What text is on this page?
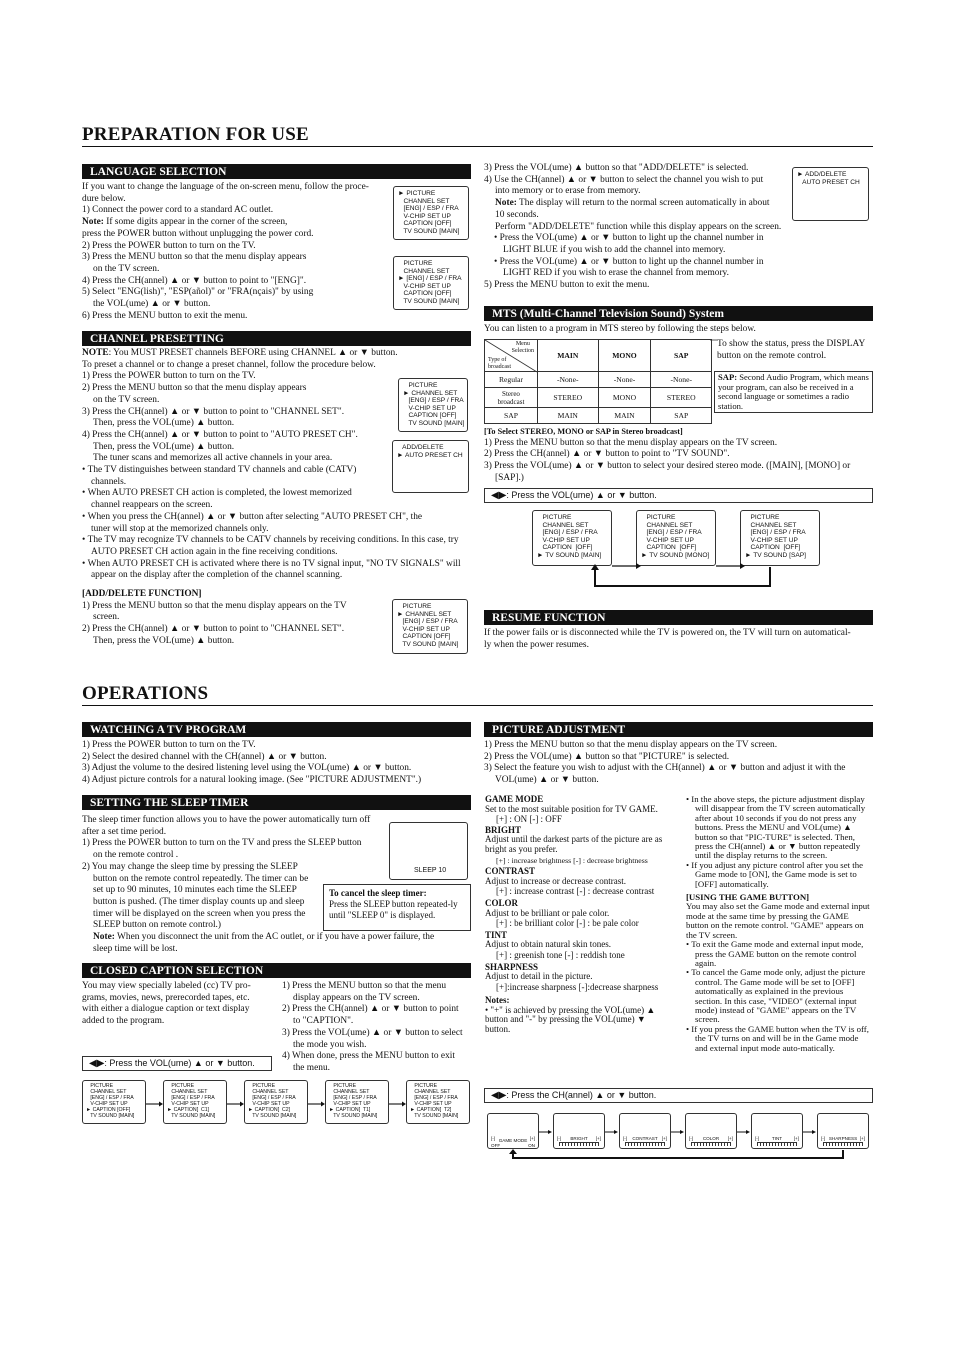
PREPARATION FOR USE
LANGUAGE SELECTION

If you want to change the language of the on-screen menu, follow the proce-

dure below.

1) Connect the power cord to a standard AC outlet.

Note: If some digits appear in the corner of the screen,

press the POWER button without unplugging the power cord.

2) Press the POWER button to turn on the TV.

3) Press the MENU button so that the menu display appears

on the TV screen.

4) Press the CH(annel) ▲ or ▼ button to point to "[ENG]".

5) Select "ENG(lish)", "ESP(añol)" or "FRA(nçais)" by using

the VOL(ume) ▲ or ▼ button.

6) Press the MENU button to exit the menu.

► PICTURE
CHANNEL SET
[ENG] / ESP / FRA
V-CHIP SET UP
CAPTION [OFF]
TV SOUND [MAIN]
PICTURE
CHANNEL SET
► [ENG] / ESP / FRA
V-CHIP SET UP
CAPTION [OFF]
TV SOUND [MAIN]
CHANNEL PRESETTING

NOTE: You MUST PRESET channels BEFORE using CHANNEL ▲ or ▼ button.

To preset a channel or to change a preset channel, follow the procedure below.

1) Press the POWER button to turn on the TV.

2) Press the MENU button so that the menu display appears

on the TV screen.

3) Press the CH(annel) ▲ or ▼ button to point to "CHANNEL SET".

Then, press the VOL(ume) ▲ button.

4) Press the CH(annel) ▲ or ▼ button to point to "AUTO PRESET CH".

Then, press the VOL(ume) ▲ button.

The tuner scans and memorizes all active channels in your area.

• The TV distinguishes between standard TV channels and cable (CATV) channels.

• When AUTO PRESET CH action is completed, the lowest memorized channel reappears on the screen.

• When you press the CH(annel) ▲ or ▼ button after selecting "AUTO PRESET CH", the tuner will stop at the memorized channels only.

• The TV may recognize TV channels to be CATV channels by receiving conditions. In this case, try AUTO PRESET CH action again in the fine receiving conditions.

• When AUTO PRESET CH is activated where there is no TV signal input, "NO TV SIGNALS" will appear on the display after the completion of the channel scanning.

PICTURE
► CHANNEL SET
[ENG] / ESP / FRA
V-CHIP SET UP
CAPTION [OFF]
TV SOUND [MAIN]
ADD/DELETE
► AUTO PRESET CH

[ADD/DELETE FUNCTION]

1) Press the MENU button so that the menu display appears on the TV

screen.

2) Press the CH(annel) ▲ or ▼ button to point to "CHANNEL SET".

Then, press the VOL(ume) ▲ button.

PICTURE
► CHANNEL SET
[ENG] / ESP / FRA
V-CHIP SET UP
CAPTION [OFF]
TV SOUND [MAIN]

3) Press the VOL(ume) ▲ button so that "ADD/DELETE" is selected.

4) Use the CH(annel) ▲ or ▼ button to select the channel you wish to put

into memory or to erase from memory.

Note: The display will return to the normal screen automatically in about

10 seconds.

Perform "ADD/DELETE" function while this display appears on the screen.

• Press the VOL(ume) ▲ or ▼ button to light up the channel number in LIGHT BLUE if you wish to add the channel into memory.

• Press the VOL(ume) ▲ or ▼ button to light up the channel number in LIGHT RED if you wish to erase the channel from memory.

5) Press the MENU button to exit the menu.

► ADD/DELETE
AUTO PRESET CH
MTS (Multi-Channel Television Sound) System
You can listen to a program in MTS stereo by following the steps below.
Menu
Selection
Type of
broadcast	MAIN	MONO	SAP
Regular	-None-	-None-	-None-
Stereo
broadcast	STEREO	MONO	STEREO
SAP	MAIN	MAIN	SAP
To show the status, press the DISPLAY button on the remote control.
SAP: Second Audio Program, which means your program, can also be received in a second language or sometimes a radio station.

[To Select STEREO, MONO or SAP in Stereo broadcast]

1) Press the MENU button so that the menu display appears on the TV screen.

2) Press the CH(annel) ▲ or ▼ button to point to "TV SOUND".

3) Press the VOL(ume) ▲ or ▼ button to select your desired stereo mode. ([MAIN], [MONO] or

[SAP].)

◀▶: Press the VOL(ume) ▲ or ▼ button.
PICTURE
CHANNEL SET
[ENG] / ESP / FRA
V-CHIP SET UP
CAPTION  [OFF]
► TV SOUND [MAIN]
PICTURE
CHANNEL SET
[ENG] / ESP / FRA
V-CHIP SET UP
CAPTION  [OFF]
► TV SOUND [MONO]
PICTURE
CHANNEL SET
[ENG] / ESP / FRA
V-CHIP SET UP
CAPTION  [OFF]
► TV SOUND [SAP]
RESUME FUNCTION

If the power fails or is disconnected while the TV is powered on, the TV will turn on automatical-

ly when the power resumes.

OPERATIONS
WATCHING A TV PROGRAM

1) Press the POWER button to turn on the TV.

2) Select the desired channel with the CH(annel) ▲ or ▼ button.

3) Adjust the volume to the desired listening level using the VOL(ume) ▲ or ▼ button.

4) Adjust picture controls for a natural looking image. (See "PICTURE ADJUSTMENT".)

SETTING THE SLEEP TIMER

The sleep timer function allows you to have the power automatically turn off

after a set time period.

1) Press the POWER button to turn on the TV and press the SLEEP button

on the remote control .

2) You may change the sleep time by pressing the SLEEP

button on the remote control repeatedly. The timer can be

set up to 90 minutes, 10 minutes each time the SLEEP

button is pushed. (The timer display counts up and sleep

timer will be displayed on the screen when you press the

SLEEP button on remote control.)

Note: When you disconnect the unit from the AC outlet, or if you have a power failure, the

sleep time will be lost.

SLEEP 10

To cancel the sleep timer:

Press the SLEEP button repeated-ly until "SLEEP 0" is displayed.

CLOSED CAPTION SELECTION

You may view specially labeled (cc) TV pro-

grams, movies, news, prerecorded tapes, etc.

with either a dialogue caption or text display

added to the program.

1) Press the MENU button so that the menu

display appears on the TV screen.

2) Press the CH(annel) ▲ or ▼ button to point

to "CAPTION".

3) Press the VOL(ume) ▲ or ▼ button to select

the mode you wish.

4) When done, press the MENU button to exit

the menu.

◀▶: Press the VOL(ume) ▲ or ▼ button.
PICTURE
CHANNEL SET
[ENG] / ESP / FRA
V-CHIP SET UP
► CAPTION [OFF]
TV SOUND [MAIN]
PICTURE
CHANNEL SET
[ENG] / ESP / FRA
V-CHIP SET UP
► CAPTION[  C1]
TV SOUND [MAIN]
PICTURE
CHANNEL SET
[ENG] / ESP / FRA
V-CHIP SET UP
► CAPTION[  C2]
TV SOUND [MAIN]
PICTURE
CHANNEL SET
[ENG] / ESP / FRA
V-CHIP SET UP
► CAPTION[  T1]
TV SOUND [MAIN]
PICTURE
CHANNEL SET
[ENG] / ESP / FRA
V-CHIP SET UP
► CAPTION[  T2]
TV SOUND [MAIN]
PICTURE ADJUSTMENT

1) Press the MENU button so that the menu display appears on the TV screen.

2) Press the VOL(ume) ▲ button so that "PICTURE" is selected.

3) Select the feature you wish to adjust with the CH(annel) ▲ or ▼ button and adjust it with the

VOL(ume) ▲ or ▼ button.

GAME MODE

Set to the most suitable position for TV GAME.

[+] : ON [-] : OFF

BRIGHT

Adjust until the darkest parts of the picture are as bright as you prefer.

[+] : increase brightness [-] : decrease brightness

CONTRAST

Adjust to increase or decrease contrast.

[+] : increase contrast [-] : decrease contrast

COLOR

Adjust to be brilliant or pale color.

[+] : be brilliant color [-] : be pale color

TINT

Adjust to obtain natural skin tones.

[+] : greenish tone [-] : reddish tone

SHARPNESS

Adjust to detail in the picture.

[+]:increase sharpness [-]:decrease sharpness

Notes:

• "+" is achieved by pressing the VOL(ume) ▲ button and "-" by pressing the VOL(ume) ▼ button.

• In the above steps, the picture adjustment display will disappear from the TV screen automatically after about 10 seconds if you do not press any buttons. Press the MENU and VOL(ume) ▲ button so that "PIC-TURE" is selected. Then, press the CH(annel) ▲ or ▼ button repeatedly until the display returns to the screen.

• If you adjust any picture control after you set the Game mode to [ON], the Game mode is set to [OFF] automatically.

[USING THE GAME BUTTON]

You may also set the Game mode and external input mode at the same time by pressing the GAME button on the remote control. "GAME" appears on the TV screen.

• To exit the Game mode and external input mode, press the GAME button on the remote control again.

• To cancel the Game mode only, adjust the picture control. The Game mode will be set to [OFF] automatically as explained in the previous section. In this case, "VIDEO" (external input mode) instead of "GAME" appears on the TV screen.

• If you press the GAME button when the TV is off, the TV turns on and will be in the Game mode and external input mode auto-matically.

◀▶: Press the CH(annel) ▲ or ▼ button.
[-]	[+]
GAME MODE
OFF	ON
[-]	[+]
BRIGHT	[-]	[+]
CONTRAST	[-]	[+]
COLOR	[-]	[+]
TINT	[-]	[+]
SHARPNESS
